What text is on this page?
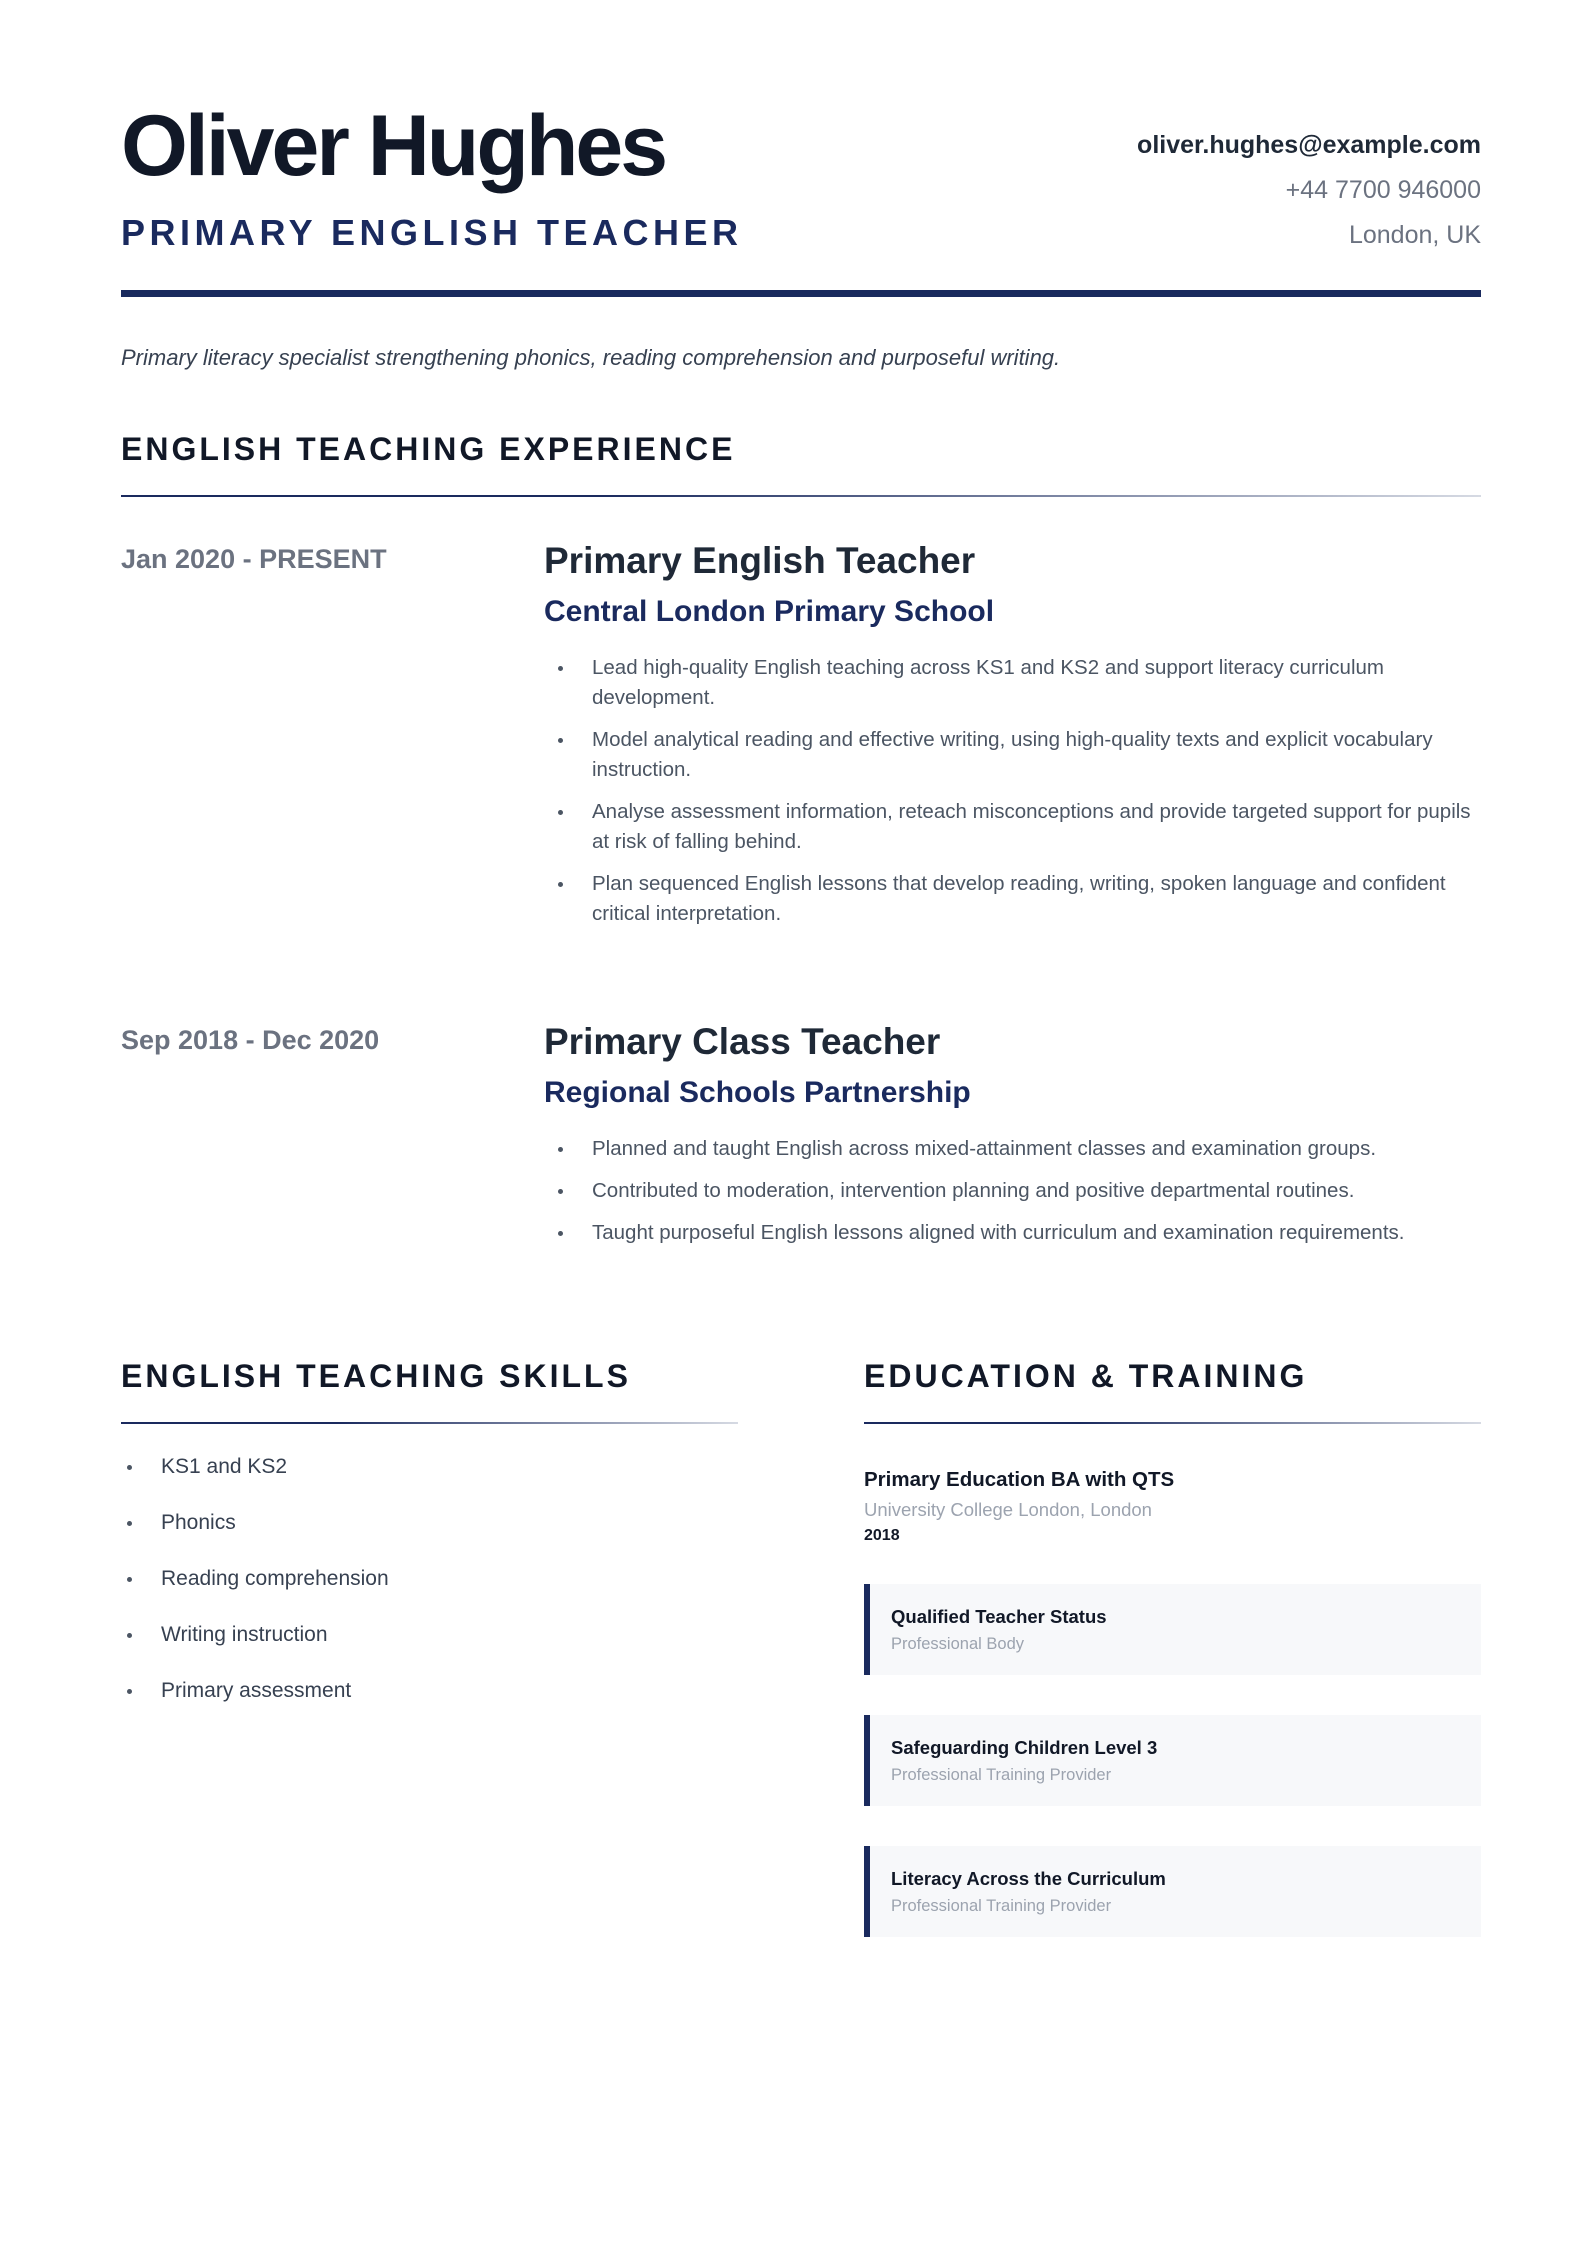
Oliver Hughes
PRIMARY ENGLISH TEACHER
oliver.hughes@example.com
+44 7700 946000
London, UK
Primary literacy specialist strengthening phonics, reading comprehension and purposeful writing.
ENGLISH TEACHING EXPERIENCE
Jan 2020 - PRESENT	Primary English Teacher
Central London Primary School
Lead high-quality English teaching across KS1 and KS2 and support literacy curriculum development.
Model analytical reading and effective writing, using high-quality texts and explicit vocabulary instruction.
Analyse assessment information, reteach misconceptions and provide targeted support for pupils at risk of falling behind.
Plan sequenced English lessons that develop reading, writing, spoken language and confident critical interpretation.
Sep 2018 - Dec 2020	Primary Class Teacher
Regional Schools Partnership
Planned and taught English across mixed-attainment classes and examination groups.
Contributed to moderation, intervention planning and positive departmental routines.
Taught purposeful English lessons aligned with curriculum and examination requirements.
ENGLISH TEACHING SKILLS
KS1 and KS2
Phonics
Reading comprehension
Writing instruction
Primary assessment
EDUCATION & TRAINING
Primary Education BA with QTS
University College London, London
2018
Qualified Teacher Status
Professional Body
Safeguarding Children Level 3
Professional Training Provider
Literacy Across the Curriculum
Professional Training Provider
